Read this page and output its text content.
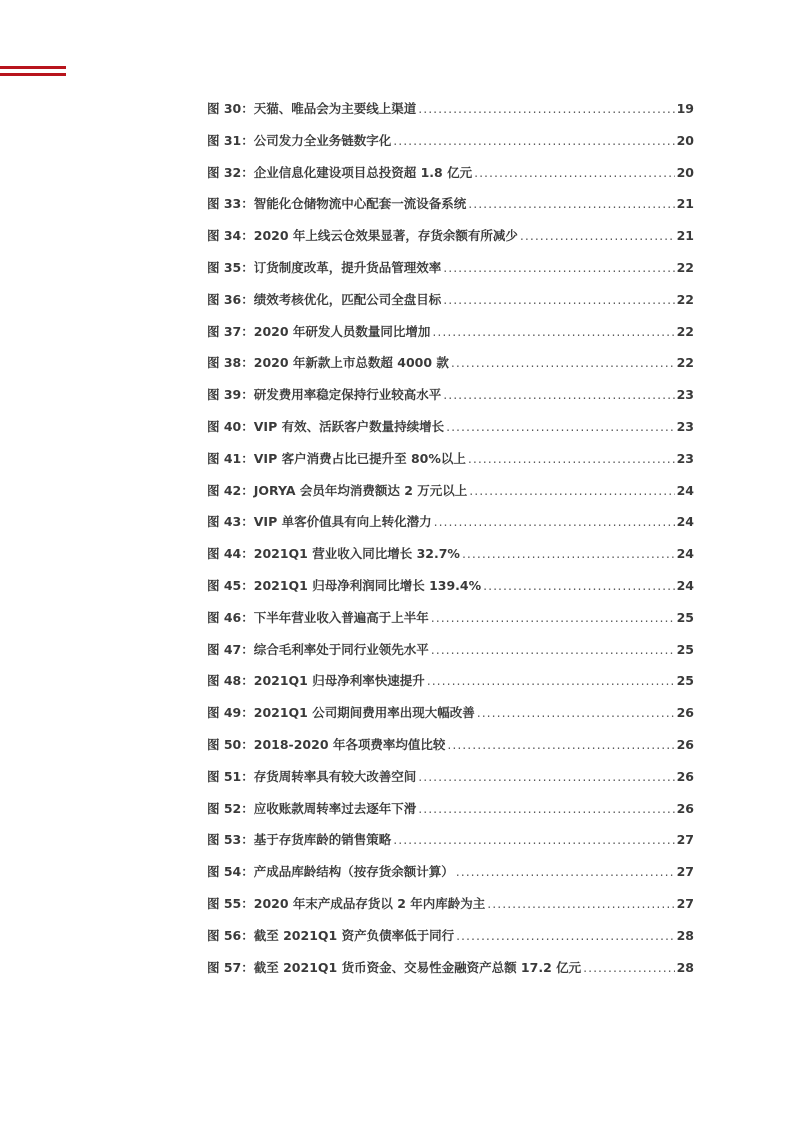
图 30： 天猫、唯品会为主要线上渠道 .....	19
图 31： 公司发力全业务链数字化 .....	20
图 32： 企业信息化建设项目总投资超 1.8 亿元 .....	20
图 33： 智能化仓储物流中心配套一流设备系统 .....	21
图 34： 2020 年上线云仓效果显著，存货余额有所减少 .....	21
图 35： 订货制度改革，提升货品管理效率 .....	22
图 36： 绩效考核优化，匹配公司全盘目标 .....	22
图 37： 2020 年研发人员数量同比增加 .....	22
图 38： 2020 年新款上市总数超 4000 款 .....	22
图 39： 研发费用率稳定保持行业较高水平 .....	23
图 40： VIP 有效、活跃客户数量持续增长 .....	23
图 41： VIP 客户消费占比已提升至 80%以上 .....	23
图 42： JORYA 会员年均消费额达 2 万元以上 .....	24
图 43： VIP 单客价值具有向上转化潜力 .....	24
图 44： 2021Q1 营业收入同比增长 32.7% .....	24
图 45： 2021Q1 归母净利润同比增长 139.4% .....	24
图 46： 下半年营业收入普遍高于上半年 .....	25
图 47： 综合毛利率处于同行业领先水平 .....	25
图 48： 2021Q1 归母净利率快速提升 .....	25
图 49： 2021Q1 公司期间费用率出现大幅改善 .....	26
图 50： 2018-2020 年各项费率均值比较 .....	26
图 51： 存货周转率具有较大改善空间 .....	26
图 52： 应收账款周转率过去逐年下滑 .....	26
图 53： 基于存货库龄的销售策略 .....	27
图 54： 产成品库龄结构（按存货余额计算） .....	27
图 55： 2020 年末产成品存货以 2 年内库龄为主 .....	27
图 56： 截至 2021Q1 资产负债率低于同行 .....	28
图 57： 截至 2021Q1 货币资金、交易性金融资产总额 17.2 亿元 .....	28
